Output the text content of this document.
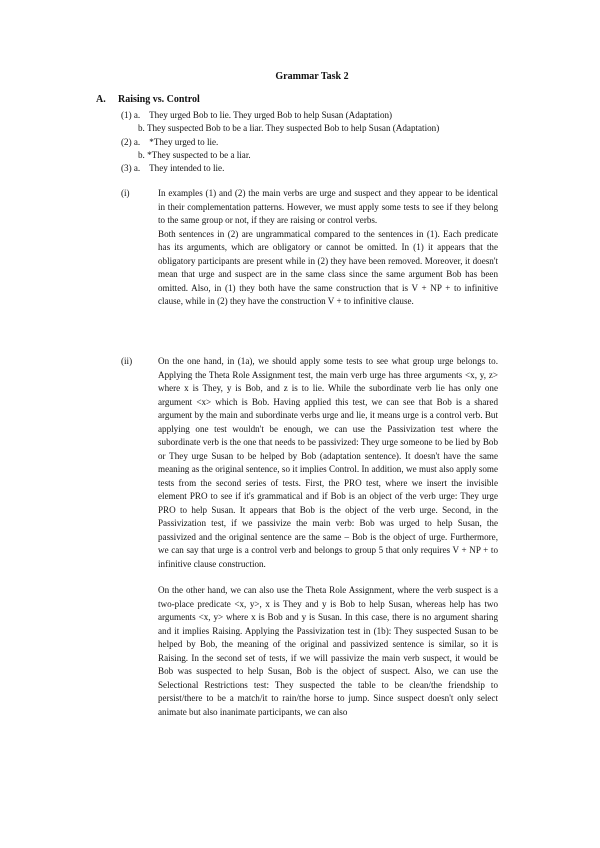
Grammar Task 2
A. Raising vs. Control
(1) a. They urged Bob to lie. They urged Bob to help Susan (Adaptation)
b. They suspected Bob to be a liar. They suspected Bob to help Susan (Adaptation)
(2) a. *They urged to lie.
b. *They suspected to be a liar.
(3) a. They intended to lie.
(i)	In examples (1) and (2) the main verbs are urge and suspect and they appear to be identical in their complementation patterns. However, we must apply some tests to see if they belong to the same group or not, if they are raising or control verbs.

Both sentences in (2) are ungrammatical compared to the sentences in (1). Each predicate has its arguments, which are obligatory or cannot be omitted. In (1) it appears that the obligatory participants are present while in (2) they have been removed. Moreover, it doesn't mean that urge and suspect are in the same class since the same argument Bob has been omitted. Also, in (1) they both have the same construction that is V + NP + to infinitive clause, while in (2) they have the construction V + to infinitive clause.

(ii)	On the one hand, in (1a), we should apply some tests to see what group urge belongs to. Applying the Theta Role Assignment test, the main verb urge has three arguments <x, y, z> where x is They, y is Bob, and z is to lie. While the subordinate verb lie has only one argument <x> which is Bob. Having applied this test, we can see that Bob is a shared argument by the main and subordinate verbs urge and lie, it means urge is a control verb. But applying one test wouldn't be enough, we can use the Passivization test where the subordinate verb is the one that needs to be passivized: They urge someone to be lied by Bob or They urge Susan to be helped by Bob (adaptation sentence). It doesn't have the same meaning as the original sentence, so it implies Control. In addition, we must also apply some tests from the second series of tests. First, the PRO test, where we insert the invisible element PRO to see if it's grammatical and if Bob is an object of the verb urge: They urge PRO to help Susan. It appears that Bob is the object of the verb urge. Second, in the Passivization test, if we passivize the main verb: Bob was urged to help Susan, the passivized and the original sentence are the same – Bob is the object of urge. Furthermore, we can say that urge is a control verb and belongs to group 5 that only requires V + NP + to infinitive clause construction.

On the other hand, we can also use the Theta Role Assignment, where the verb suspect is a two-place predicate <x, y>, x is They and y is Bob to help Susan, whereas help has two arguments <x, y> where x is Bob and y is Susan. In this case, there is no argument sharing and it implies Raising. Applying the Passivization test in (1b): They suspected Susan to be helped by Bob, the meaning of the original and passivized sentence is similar, so it is Raising. In the second set of tests, if we will passivize the main verb suspect, it would be Bob was suspected to help Susan, Bob is the object of suspect. Also, we can use the Selectional Restrictions test: They suspected the table to be clean/the friendship to persist/there to be a match/it to rain/the horse to jump. Since suspect doesn't only select animate but also inanimate participants, we can also
